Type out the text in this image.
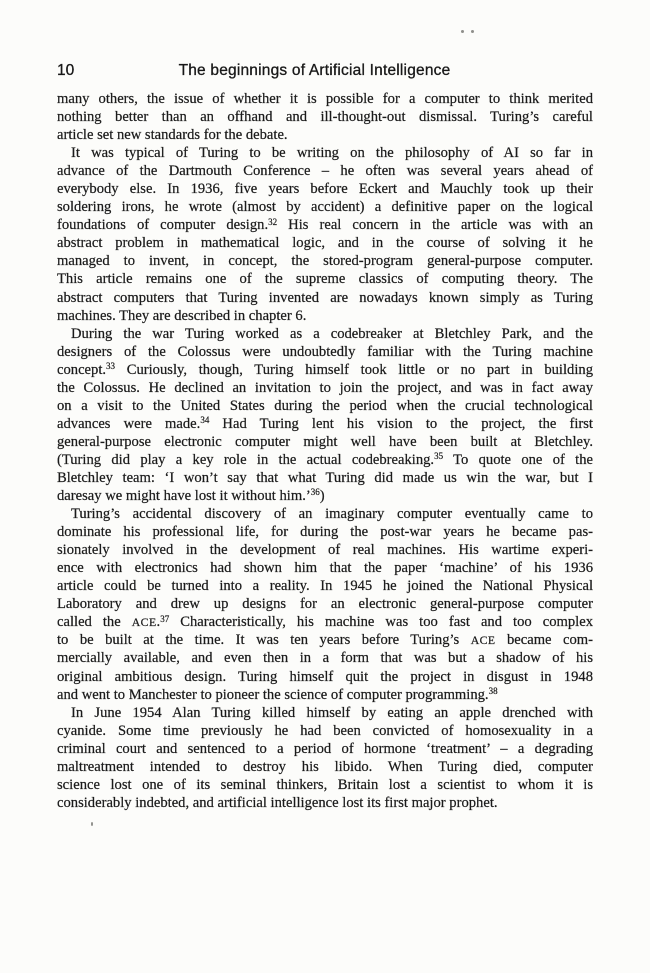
10	The beginnings of Artificial Intelligence

many others, the issue of whether it is possible for a computer to think merited
nothing better than an offhand and ill-thought-out dismissal. Turing’s careful
article set new standards for the debate.

It was typical of Turing to be writing on the philosophy of AI so far in
advance of the Dartmouth Conference – he often was several years ahead of
everybody else. In 1936, five years before Eckert and Mauchly took up their
soldering irons, he wrote (almost by accident) a definitive paper on the logical
foundations of computer design.$^{32}$ His real concern in the article was with an
abstract problem in mathematical logic, and in the course of solving it he
managed to invent, in concept, the stored-program general-purpose computer.
This article remains one of the supreme classics of computing theory. The
abstract computers that Turing invented are nowadays known simply as Turing
machines. They are described in chapter 6.

During the war Turing worked as a codebreaker at Bletchley Park, and the
designers of the Colossus were undoubtedly familiar with the Turing machine
concept.$^{33}$ Curiously, though, Turing himself took little or no part in building
the Colossus. He declined an invitation to join the project, and was in fact away
on a visit to the United States during the period when the crucial technological
advances were made.$^{34}$ Had Turing lent his vision to the project, the first
general-purpose electronic computer might well have been built at Bletchley.
(Turing did play a key role in the actual codebreaking.$^{35}$ To quote one of the
Bletchley team: ‘I won’t say that what Turing did made us win the war, but I
daresay we might have lost it without him.’$^{36}$)

Turing’s accidental discovery of an imaginary computer eventually came to
dominate his professional life, for during the post-war years he became pas-
sionately involved in the development of real machines. His wartime experi-
ence with electronics had shown him that the paper ‘machine’ of his 1936
article could be turned into a reality. In 1945 he joined the National Physical
Laboratory and drew up designs for an electronic general-purpose computer
called the ACE.$^{37}$ Characteristically, his machine was too fast and too complex
to be built at the time. It was ten years before Turing’s ACE became com-
mercially available, and even then in a form that was but a shadow of his
original ambitious design. Turing himself quit the project in disgust in 1948
and went to Manchester to pioneer the science of computer programming.$^{38}$

In June 1954 Alan Turing killed himself by eating an apple drenched with
cyanide. Some time previously he had been convicted of homosexuality in a
criminal court and sentenced to a period of hormone ‘treatment’ – a degrading
maltreatment intended to destroy his libido. When Turing died, computer
science lost one of its seminal thinkers, Britain lost a scientist to whom it is
considerably indebted, and artificial intelligence lost its first major prophet.
